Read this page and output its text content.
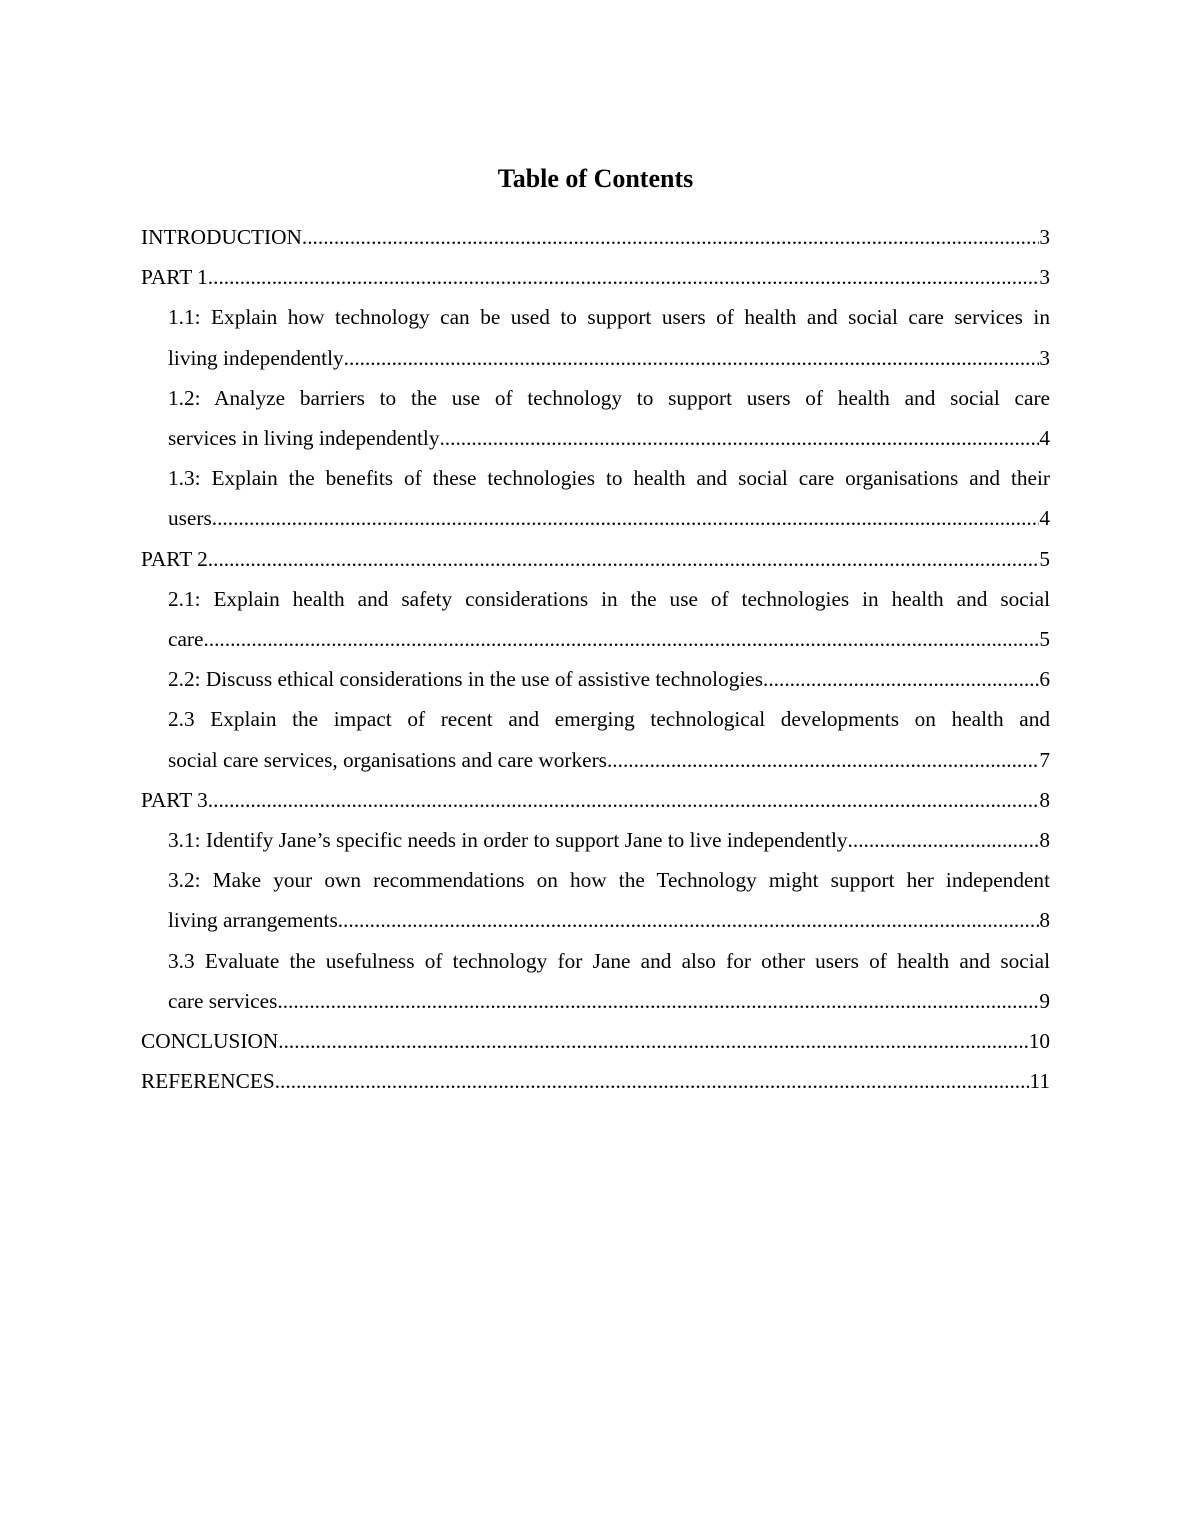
Table of Contents
INTRODUCTION .....	3
PART 1 .....	3
1.1: Explain how technology can be used to support users of health and social care services in
living independently .....	3
1.2: Analyze barriers to the use of technology to support users of health and social care
services in living independently .....	4
1.3: Explain the benefits of these technologies to health and social care organisations and their
users .....	4
PART 2 .....	5
2.1: Explain health and safety considerations in the use of technologies in health and social
care .....	5
2.2: Discuss ethical considerations in the use of assistive technologies .....	6
2.3 Explain the impact of recent and emerging technological developments on health and
social care services, organisations and care workers .....	7
PART 3 .....	8
3.1: Identify Jane’s specific needs in order to support Jane to live independently .....	8
3.2: Make your own recommendations on how the Technology might support her independent
living arrangements .....	8
3.3 Evaluate the usefulness of technology for Jane and also for other users of health and social
care services .....	9
CONCLUSION .....	10
REFERENCES .....	11
